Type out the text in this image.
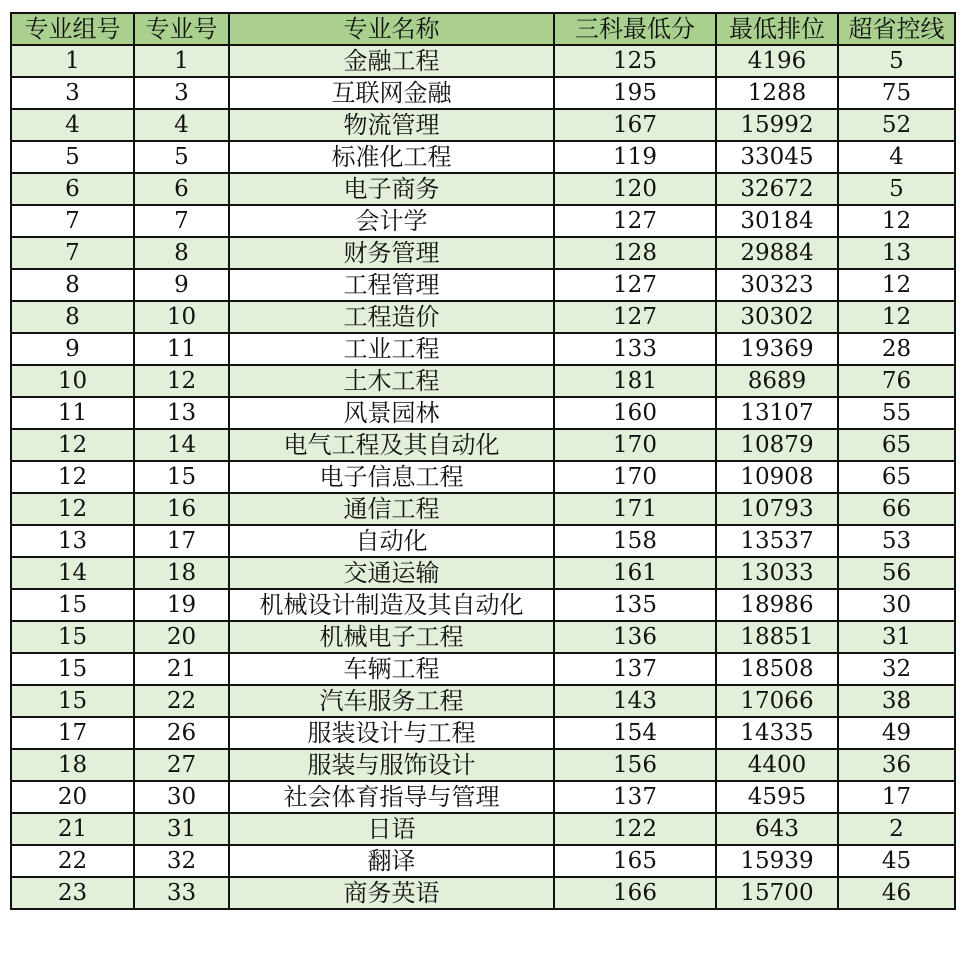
专业组号	专业号	专业名称	三科最低分	最低排位	超省控线
1	1	金融工程	125	4196	5
3	3	互联网金融	195	1288	75
4	4	物流管理	167	15992	52
5	5	标准化工程	119	33045	4
6	6	电子商务	120	32672	5
7	7	会计学	127	30184	12
7	8	财务管理	128	29884	13
8	9	工程管理	127	30323	12
8	10	工程造价	127	30302	12
9	11	工业工程	133	19369	28
10	12	土木工程	181	8689	76
11	13	风景园林	160	13107	55
12	14	电气工程及其自动化	170	10879	65
12	15	电子信息工程	170	10908	65
12	16	通信工程	171	10793	66
13	17	自动化	158	13537	53
14	18	交通运输	161	13033	56
15	19	机械设计制造及其自动化	135	18986	30
15	20	机械电子工程	136	18851	31
15	21	车辆工程	137	18508	32
15	22	汽车服务工程	143	17066	38
17	26	服装设计与工程	154	14335	49
18	27	服装与服饰设计	156	4400	36
20	30	社会体育指导与管理	137	4595	17
21	31	日语	122	643	2
22	32	翻译	165	15939	45
23	33	商务英语	166	15700	46
